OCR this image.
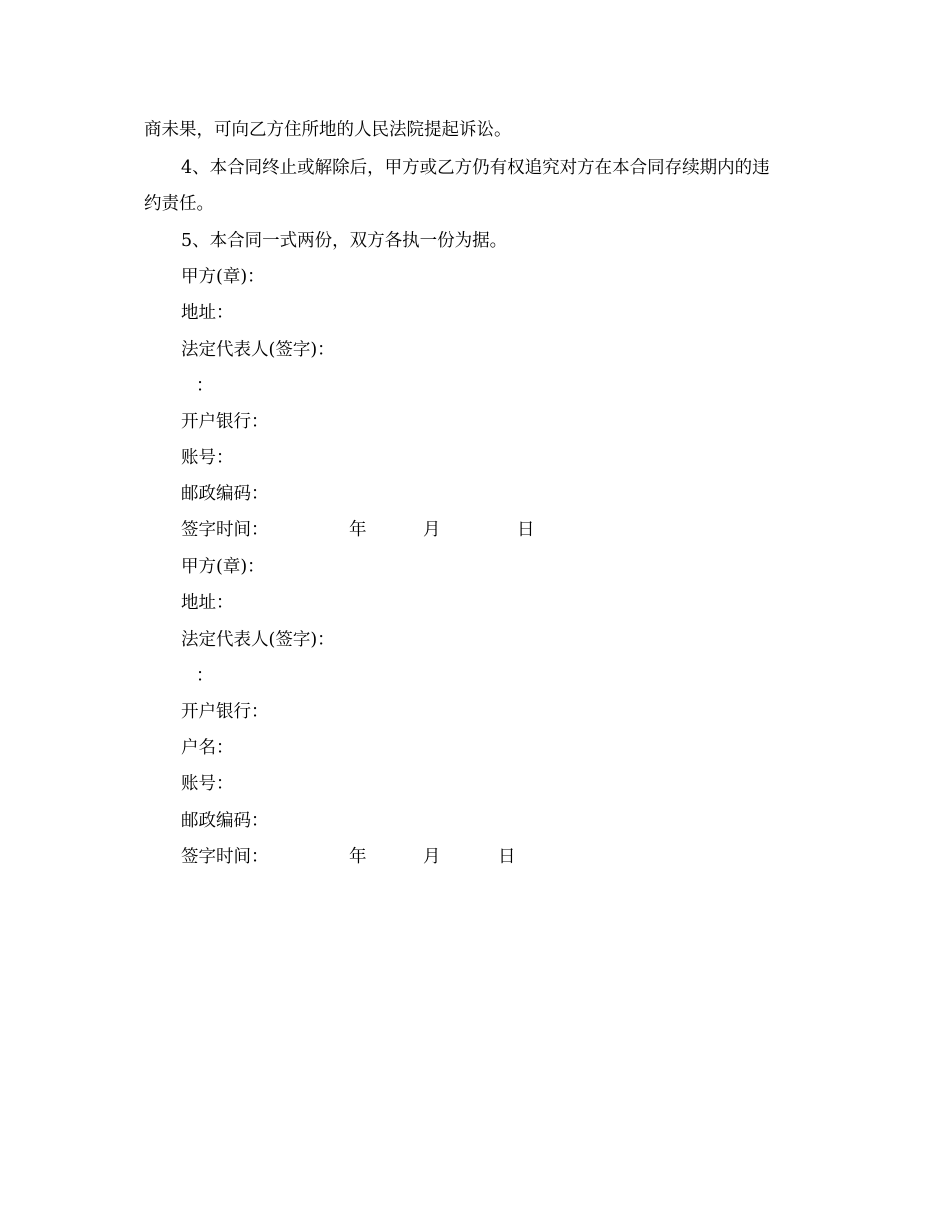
商未果，可向乙方住所地的人民法院提起诉讼。
4、本合同终止或解除后，甲方或乙方仍有权追究对方在本合同存续期内的违
约责任。
5、本合同一式两份，双方各执一份为据。
甲方(章)：
地址：
法定代表人(签字)：
：
开户银行：
账号：
邮政编码：
签字时间：	年	月	日
甲方(章)：
地址：
法定代表人(签字)：
：
开户银行：
户名：
账号：
邮政编码：
签字时间：	年	月	日
